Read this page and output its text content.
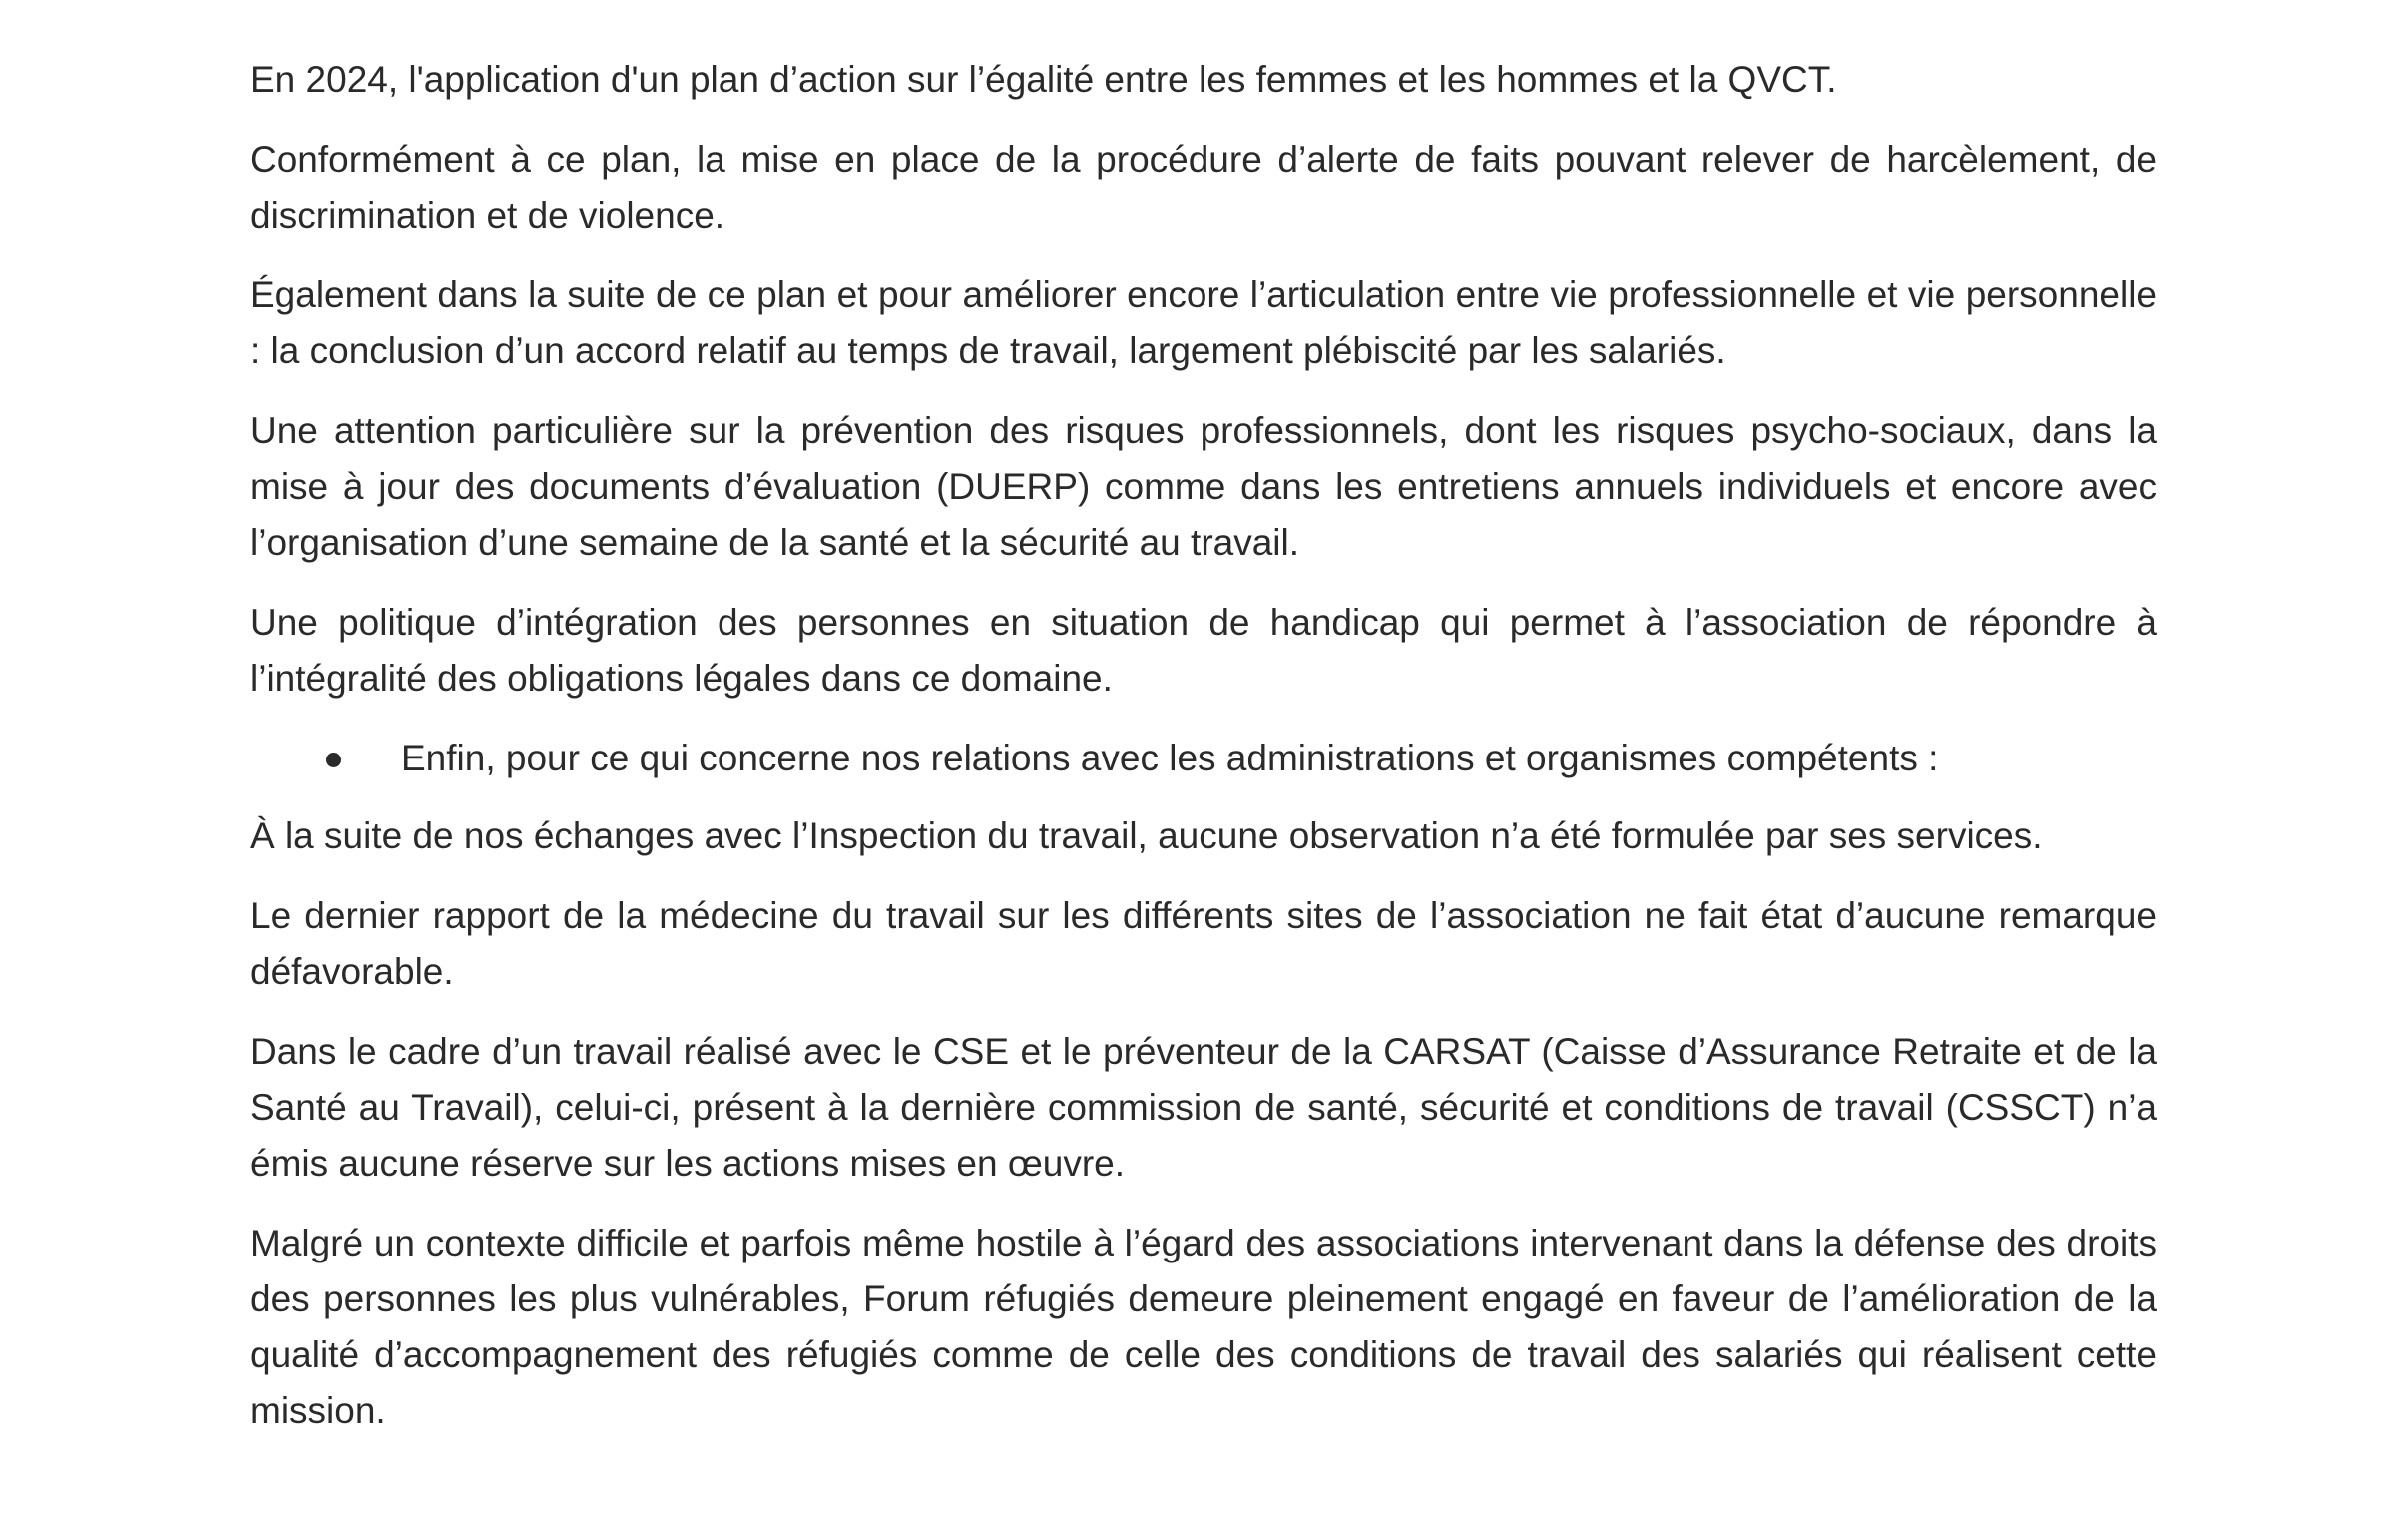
En 2024, l'application d'un plan d’action sur l’égalité entre les femmes et les hommes et la QVCT.

Conformément à ce plan, la mise en place de la procédure d’alerte de faits pouvant relever de harcèlement, de discrimination et de violence.

Également dans la suite de ce plan et pour améliorer encore l’articulation entre vie professionnelle et vie personnelle : la conclusion d’un accord relatif au temps de travail, largement plébiscité par les salariés.

Une attention particulière sur la prévention des risques professionnels, dont les risques psycho-sociaux, dans la mise à jour des documents d’évaluation (DUERP) comme dans les entretiens annuels individuels et encore avec l’organisation d’une semaine de la santé et la sécurité au travail.

Une politique d’intégration des personnes en situation de handicap qui permet à l’association de répondre à l’intégralité des obligations légales dans ce domaine.

Enfin, pour ce qui concerne nos relations avec les administrations et organismes compétents :

À la suite de nos échanges avec l’Inspection du travail, aucune observation n’a été formulée par ses services.

Le dernier rapport de la médecine du travail sur les différents sites de l’association ne fait état d’aucune remarque défavorable.

Dans le cadre d’un travail réalisé avec le CSE et le préventeur de la CARSAT (Caisse d’Assurance Retraite et de la Santé au Travail), celui-ci, présent à la dernière commission de santé, sécurité et conditions de travail (CSSCT) n’a émis aucune réserve sur les actions mises en œuvre.

Malgré un contexte difficile et parfois même hostile à l’égard des associations intervenant dans la défense des droits des personnes les plus vulnérables, Forum réfugiés demeure pleinement engagé en faveur de l’amélioration de la qualité d’accompagnement des réfugiés comme de celle des conditions de travail des salariés qui réalisent cette mission.
